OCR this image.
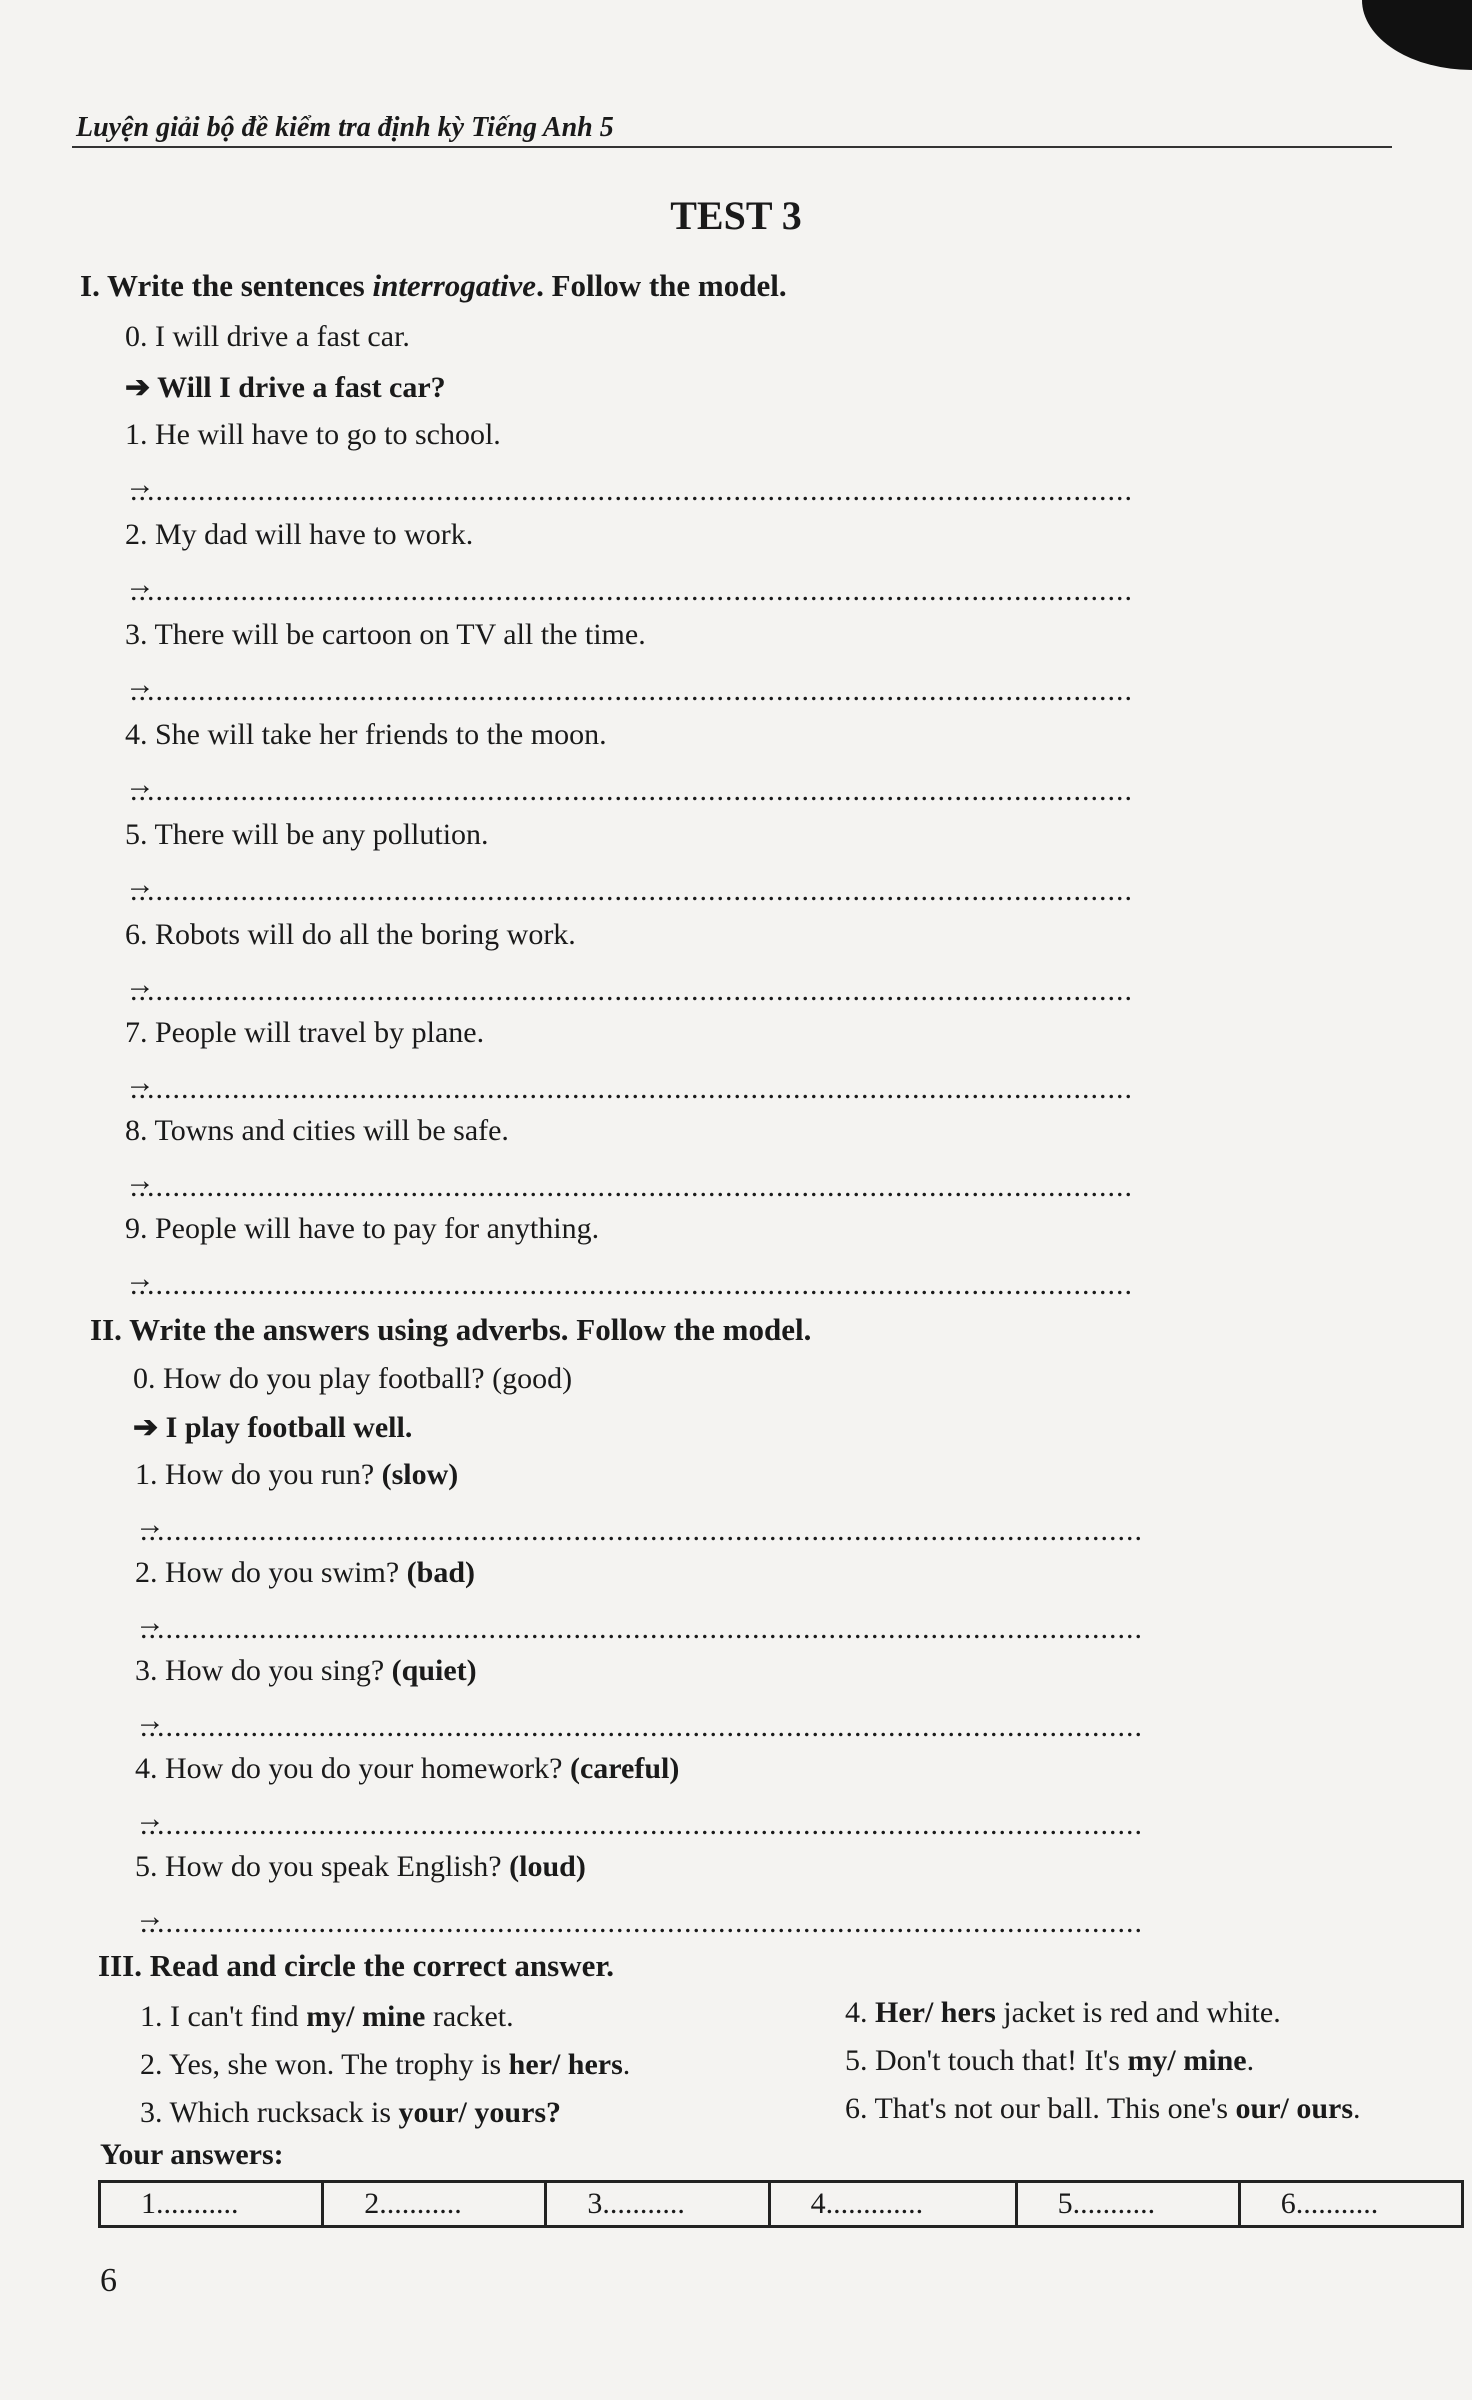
Luyện giải bộ đề kiểm tra định kỳ Tiếng Anh 5
TEST 3
I. Write the sentences interrogative. Follow the model.
0. I will drive a fast car.
➔ Will I drive a fast car?
1. He will have to go to school.
→
.....
2. My dad will have to work.
→
.....
3. There will be cartoon on TV all the time.
→
.....
4. She will take her friends to the moon.
→
.....
5. There will be any pollution.
→
.....
6. Robots will do all the boring work.
→
.....
7. People will travel by plane.
→
.....
8. Towns and cities will be safe.
→
.....
9. People will have to pay for anything.
→
.....
II. Write the answers using adverbs. Follow the model.
0. How do you play football? (good)
➔ I play football well.
1. How do you run? (slow)
→
.....
2. How do you swim? (bad)
→
.....
3. How do you sing? (quiet)
→
.....
4. How do you do your homework? (careful)
→
.....
5. How do you speak English? (loud)
→
.....
III. Read and circle the correct answer.
1. I can't find my/ mine racket.
2. Yes, she won. The trophy is her/ hers.
3. Which rucksack is your/ yours?
4. Her/ hers jacket is red and white.
5. Don't touch that! It's my/ mine.
6. That's not our ball. This one's our/ ours.
Your answers:
1...........	2...........	3...........	4.............	5...........	6...........
6
